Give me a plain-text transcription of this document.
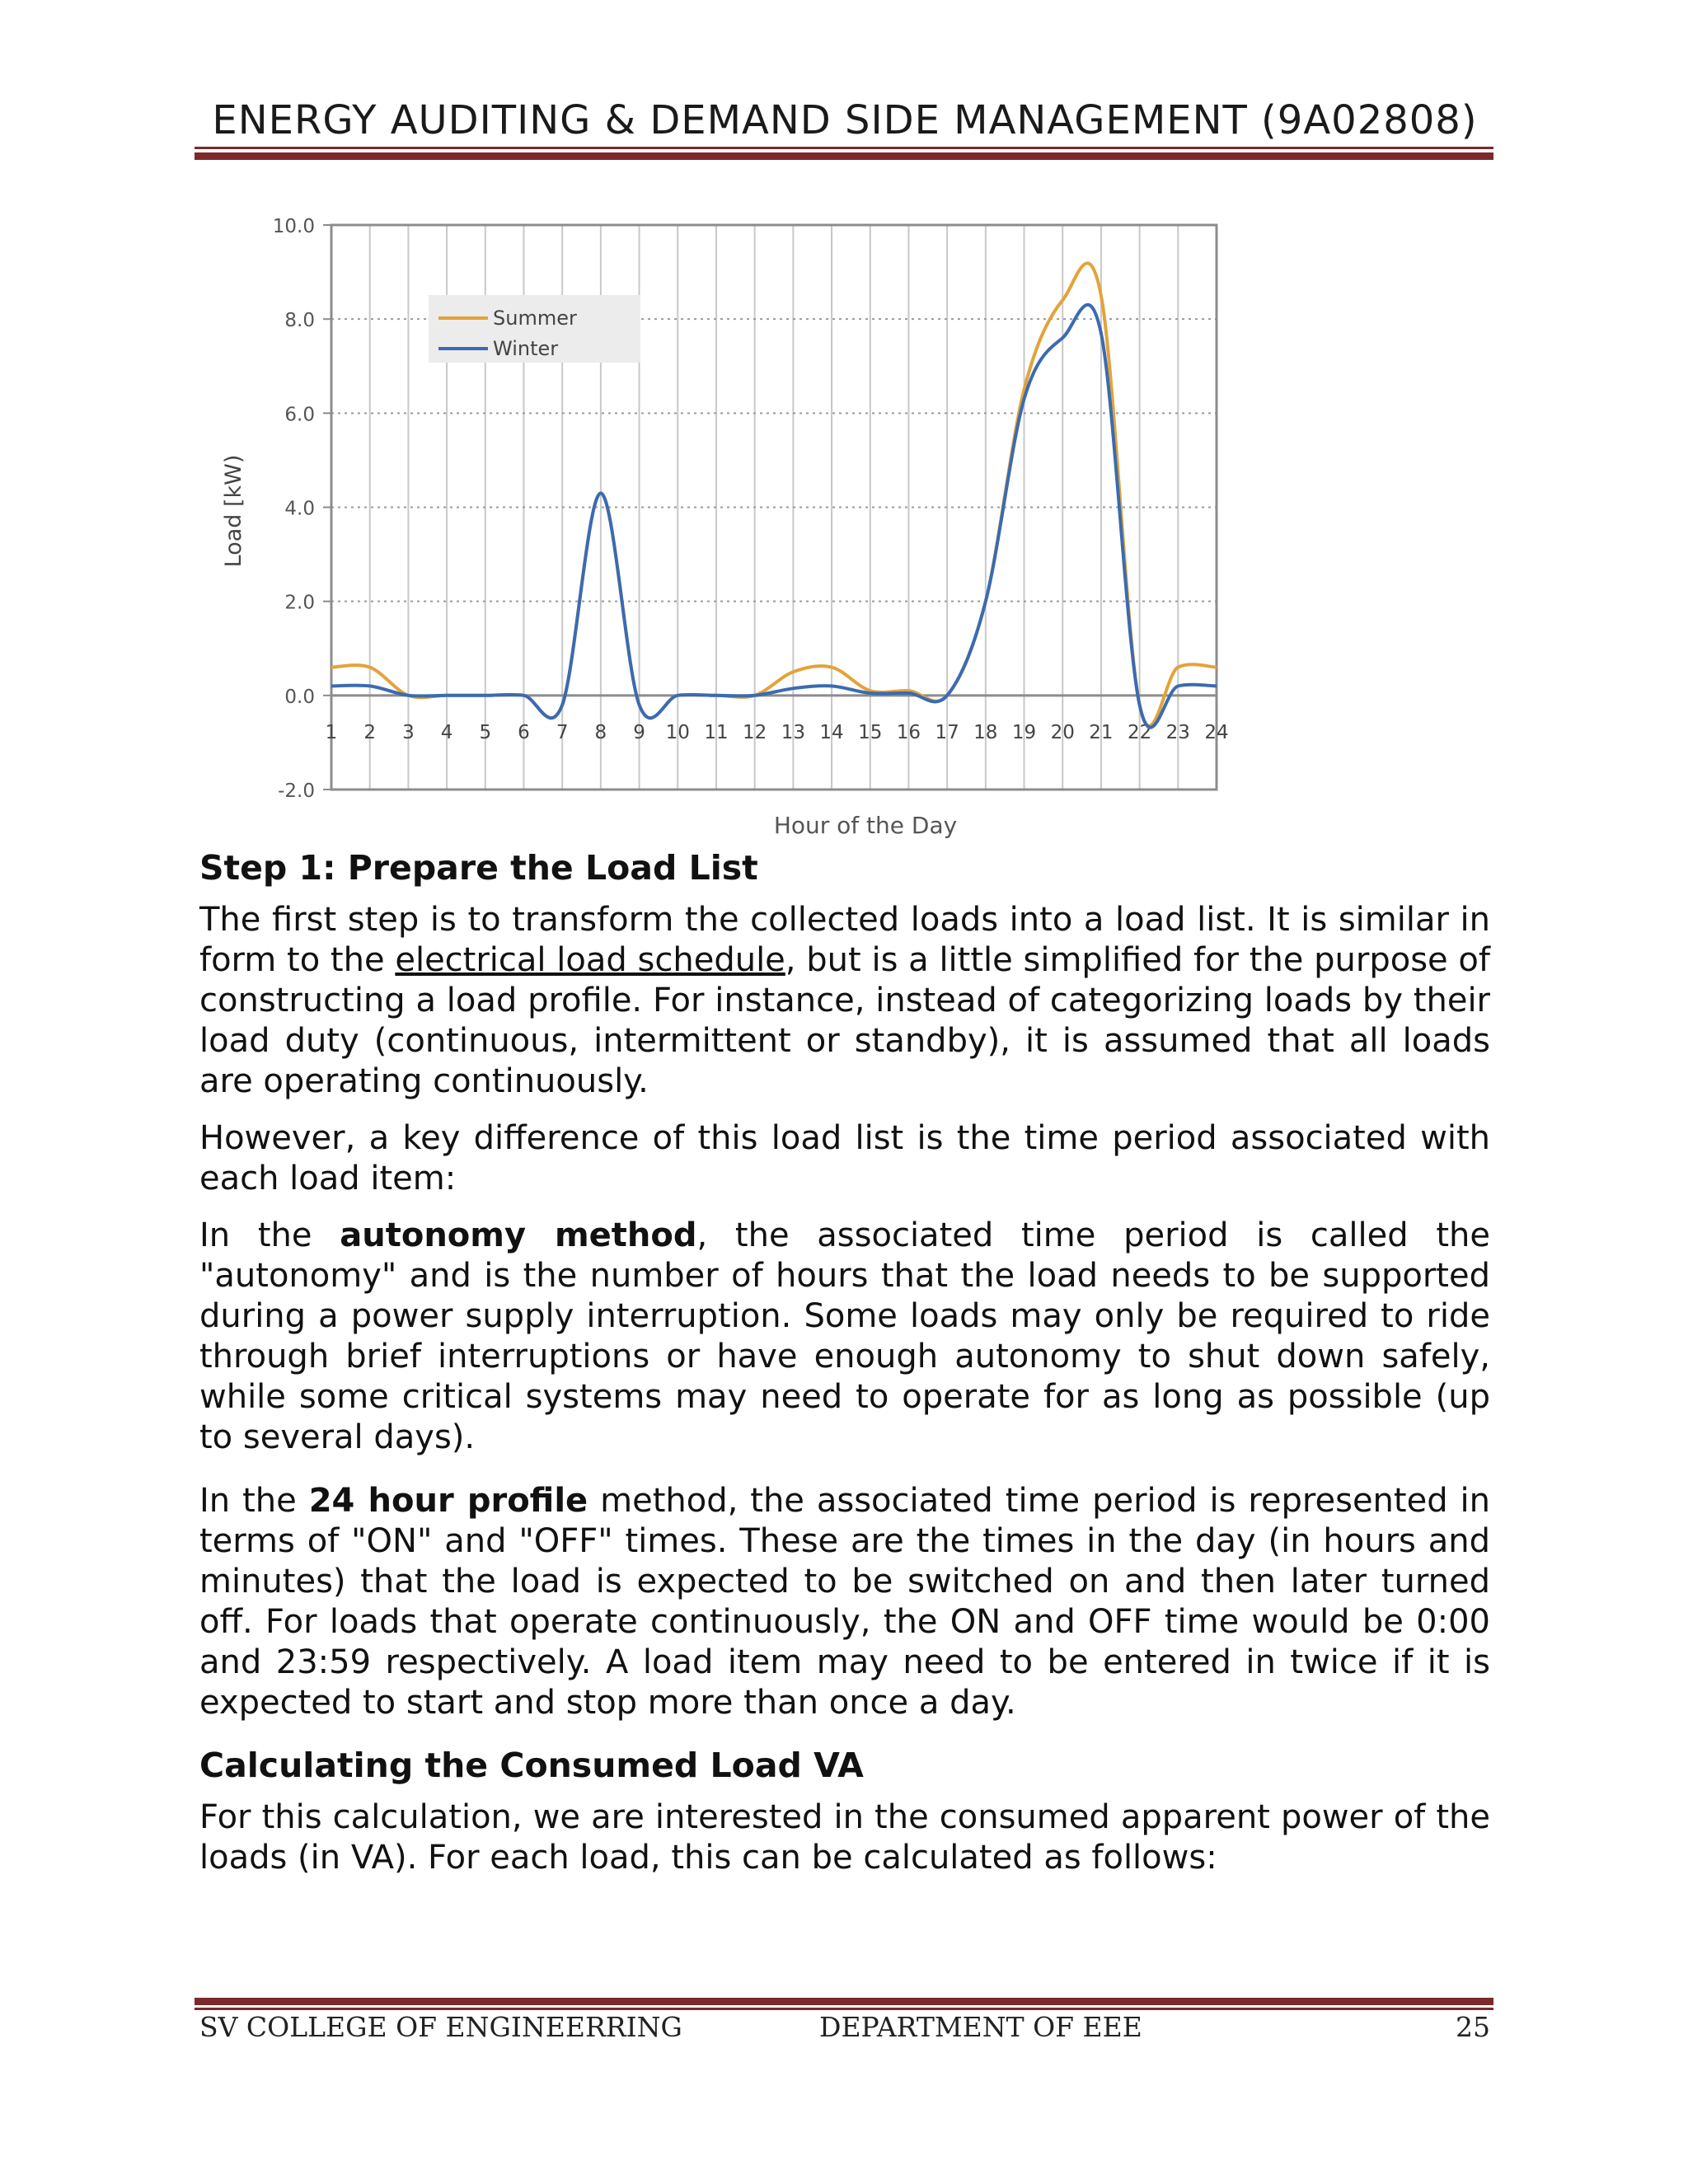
ENERGY AUDITING & DEMAND SIDE MANAGEMENT (9A02808)
10.0
8.0
6.0
4.0
2.0
0.0
-2.0
1 2 3 4 5 6 7 8 9 10 11 12 13 14 15 16 17 18 19 20 21 22 23 24
Summer
Winter
Load [kW)
Hour of the Day
Step 1: Prepare the Load List

The first step is to transform the collected loads into a load list. It is similar in form to the electrical load schedule, but is a little simplified for the purpose of constructing a load profile. For instance, instead of categorizing loads by their load duty (continuous, intermittent or standby), it is assumed that all loads are operating continuously.

However, a key difference of this load list is the time period associated with each load item:

In the autonomy method, the associated time period is called the "autonomy" and is the number of hours that the load needs to be supported during a power supply interruption. Some loads may only be required to ride through brief interruptions or have enough autonomy to shut down safely, while some critical systems may need to operate for as long as possible (up to several days).

In the 24 hour profile method, the associated time period is represented in terms of "ON" and "OFF" times. These are the times in the day (in hours and minutes) that the load is expected to be switched on and then later turned off. For loads that operate continuously, the ON and OFF time would be 0:00 and 23:59 respectively. A load item may need to be entered in twice if it is expected to start and stop more than once a day.

Calculating the Consumed Load VA

For this calculation, we are interested in the consumed apparent power of the loads (in VA). For each load, this can be calculated as follows:

SV COLLEGE OF ENGINEERRING	DEPARTMENT OF EEE	25
